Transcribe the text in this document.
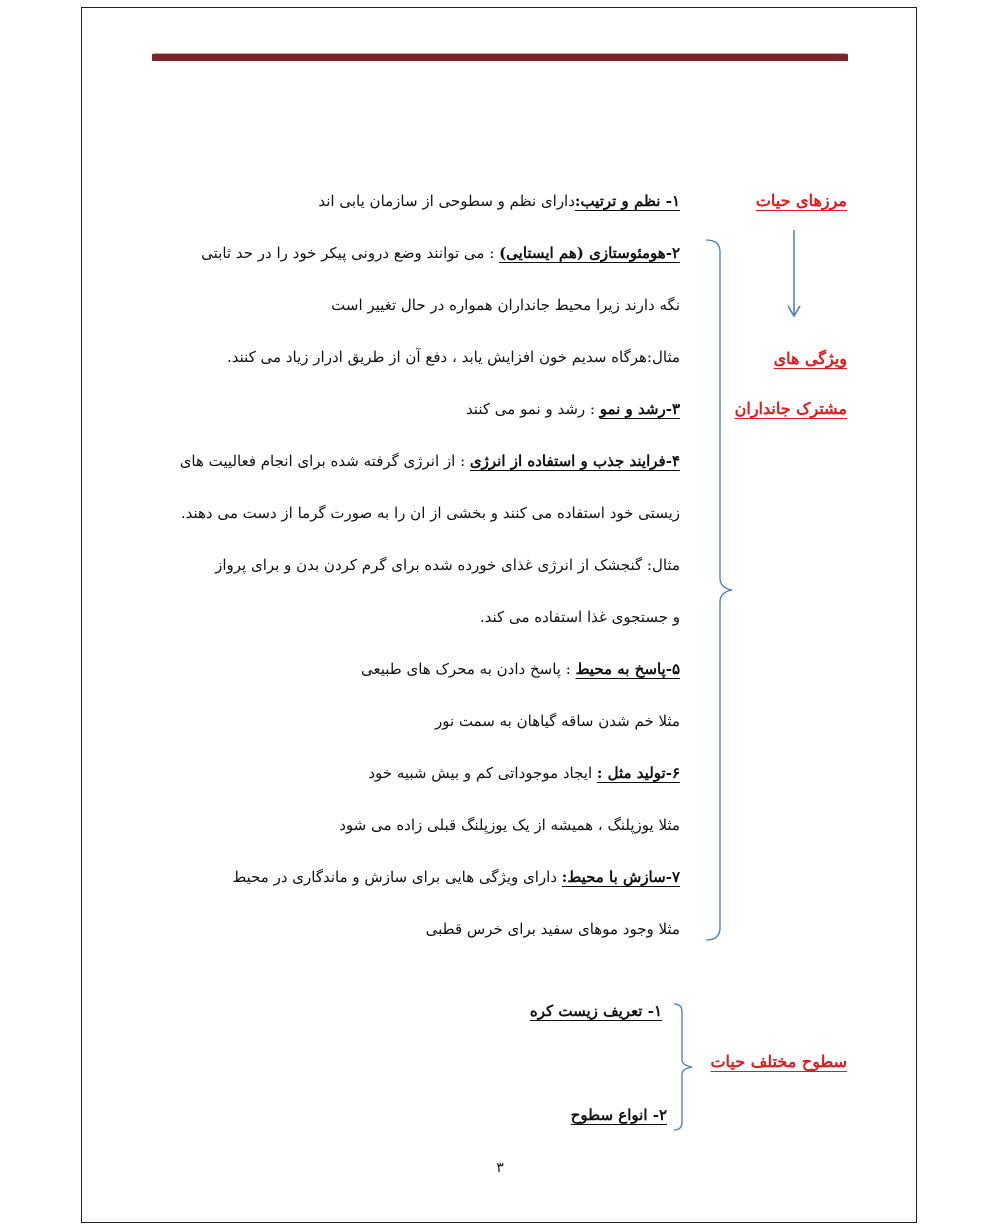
مرزهای حیات
ویژگی های
مشترک جانداران
سطوح مختلف حیات
۱- نظم و ترتیب:دارای نظم و سطوحی از سازمان یابی اند
۲-هومئوستازی (هم ایستایی) : می توانند وضع درونی پیکر خود را در حد ثابتی
نگه دارند زیرا محیط جانداران همواره در حال تغییر است
مثال:هرگاه سدیم خون افزایش یابد ، دفع آن از طریق ادرار زیاد می کنند.
۳-رشد و نمو : رشد و نمو می کنند
۴-فرایند جذب و استفاده از انرژی : از انرژی گرفته شده برای انجام فعالییت های
زیستی خود استفاده می کنند و بخشی از ان را به صورت گرما از دست می دهند.
مثال: گنجشک از انرژی غذای خورده شده برای گرم کردن بدن و برای پرواز
و جستجوی غذا استفاده می کند.
۵-پاسخ به محیط : پاسخ دادن به محرک های طبیعی
مثلا خم شدن ساقه گیاهان به سمت نور
۶-تولید مثل : ایجاد موجوداتی کم و بیش شبیه خود
مثلا یوزپلنگ ، همیشه از یک یوزپلنگ قبلی زاده می شود
۷-سازش با محیط: دارای ویژگی هایی برای سازش و ماندگاری در محیط
مثلا وجود موهای سفید برای خرس قطبی
۱- تعریف زیست کره
۲- انواع سطوح
۳
